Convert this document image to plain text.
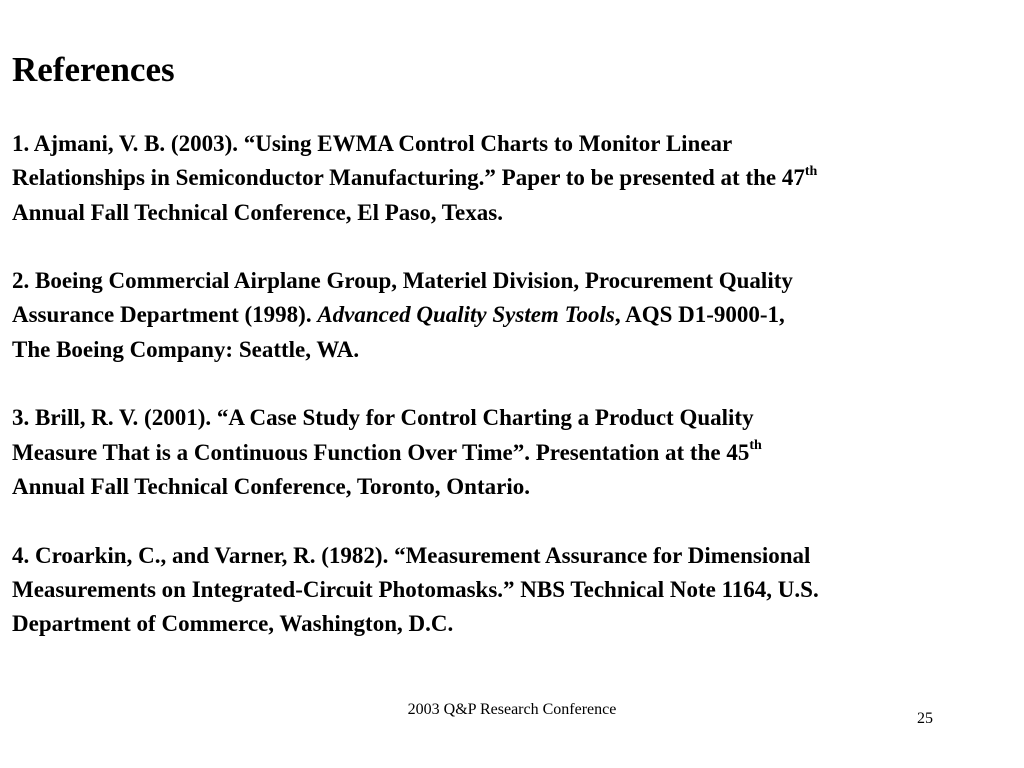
References

1. Ajmani, V. B. (2003). “Using EWMA Control Charts to Monitor Linear
Relationships in Semiconductor Manufacturing.” Paper to be presented at the 47th
Annual Fall Technical Conference, El Paso, Texas.

2. Boeing Commercial Airplane Group, Materiel Division, Procurement Quality
Assurance Department (1998). Advanced Quality System Tools, AQS D1-9000-1,
The Boeing Company: Seattle, WA.

3. Brill, R. V. (2001). “A Case Study for Control Charting a Product Quality
Measure That is a Continuous Function Over Time”. Presentation at the 45th
Annual Fall Technical Conference, Toronto, Ontario.

4. Croarkin, C., and Varner, R. (1982). “Measurement Assurance for Dimensional
Measurements on Integrated-Circuit Photomasks.” NBS Technical Note 1164, U.S.
Department of Commerce, Washington, D.C.

2003 Q&P Research Conference
25
